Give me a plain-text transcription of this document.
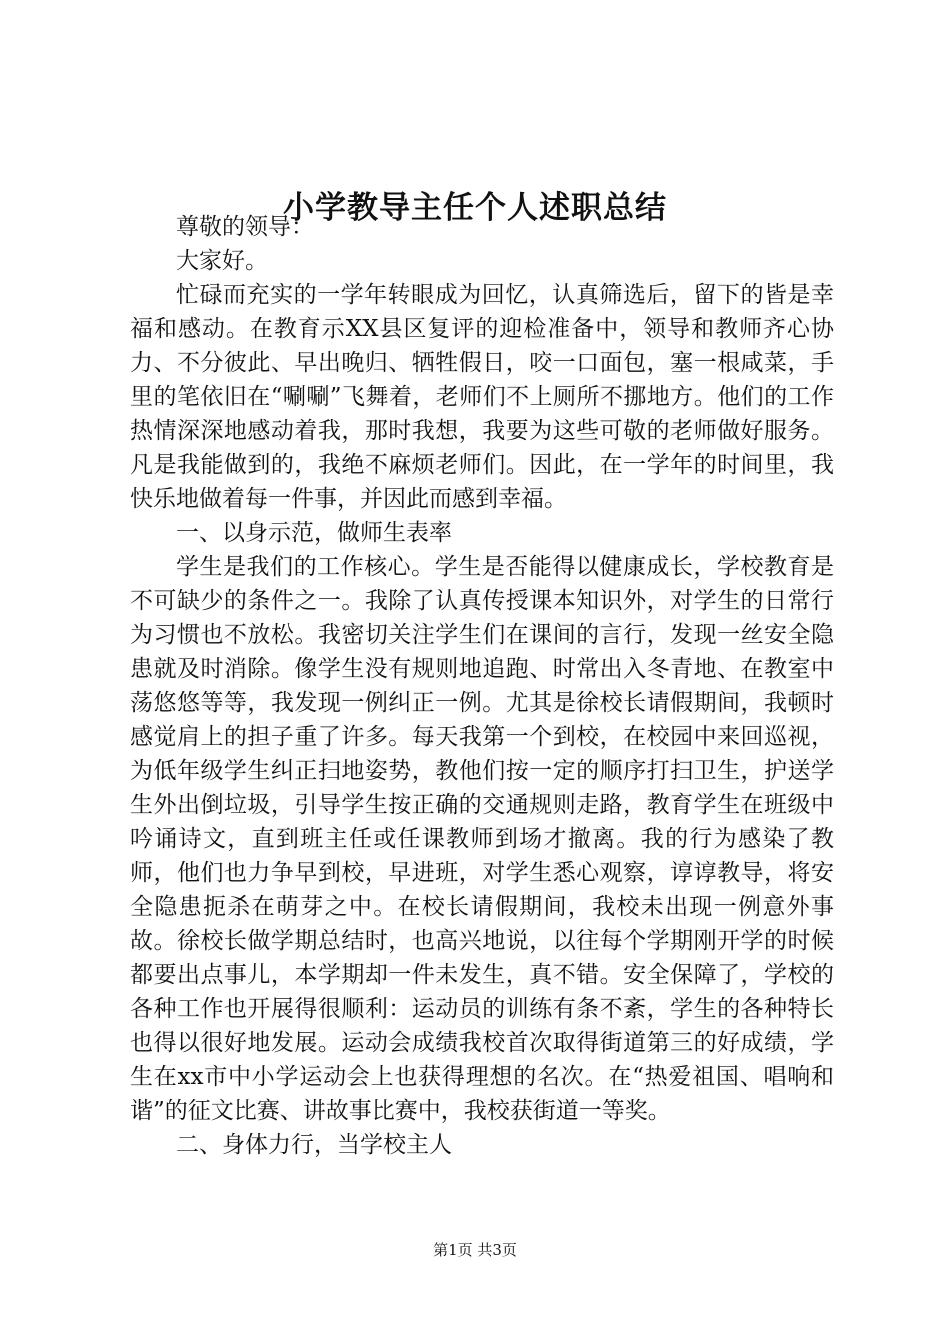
小学教导主任个人述职总结

尊敬的领导：

大家好。

忙碌而充实的一学年转眼成为回忆，认真筛选后，留下的皆是幸福和感动。在教育示XX县区复评的迎检准备中，领导和教师齐心协力、不分彼此、早出晚归、牺牲假日，咬一口面包，塞一根咸菜，手里的笔依旧在“唰唰”飞舞着，老师们不上厕所不挪地方。他们的工作热情深深地感动着我，那时我想，我要为这些可敬的老师做好服务。凡是我能做到的，我绝不麻烦老师们。因此，在一学年的时间里，我快乐地做着每一件事，并因此而感到幸福。

一、以身示范，做师生表率

学生是我们的工作核心。学生是否能得以健康成长，学校教育是不可缺少的条件之一。我除了认真传授课本知识外，对学生的日常行为习惯也不放松。我密切关注学生们在课间的言行，发现一丝安全隐患就及时消除。像学生没有规则地追跑、时常出入冬青地、在教室中荡悠悠等等，我发现一例纠正一例。尤其是徐校长请假期间，我顿时感觉肩上的担子重了许多。每天我第一个到校，在校园中来回巡视，为低年级学生纠正扫地姿势，教他们按一定的顺序打扫卫生，护送学生外出倒垃圾，引导学生按正确的交通规则走路，教育学生在班级中吟诵诗文，直到班主任或任课教师到场才撤离。我的行为感染了教师，他们也力争早到校，早进班，对学生悉心观察，谆谆教导，将安全隐患扼杀在萌芽之中。在校长请假期间，我校未出现一例意外事故。徐校长做学期总结时，也高兴地说，以往每个学期刚开学的时候都要出点事儿，本学期却一件未发生，真不错。安全保障了，学校的各种工作也开展得很顺利：运动员的训练有条不紊，学生的各种特长也得以很好地发展。运动会成绩我校首次取得街道第三的好成绩，学生在xx市中小学运动会上也获得理想的名次。在“热爱祖国、唱响和谐”的征文比赛、讲故事比赛中，我校获街道一等奖。

二、身体力行，当学校主人

第1页 共3页
